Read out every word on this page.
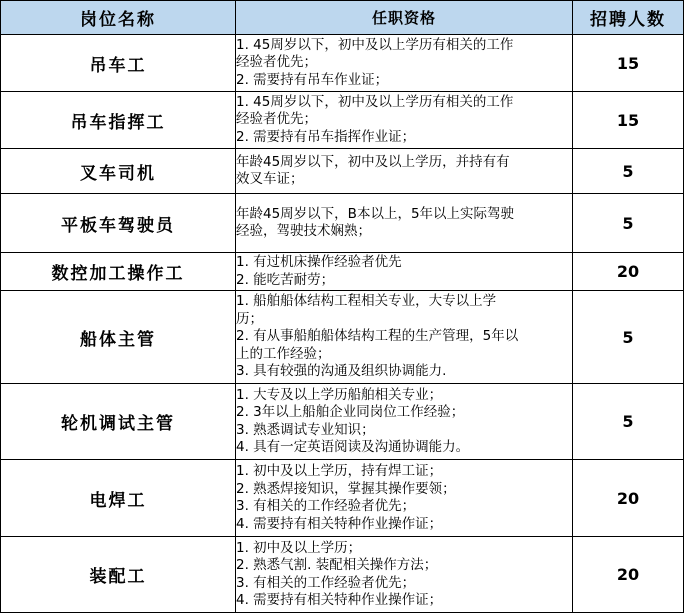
岗位名称	任职资格	招聘人数
吊车工	1. 45周岁以下，初中及以上学历有相关的工作
经验者优先；
2. 需要持有吊车作业证；	15
吊车指挥工	1. 45周岁以下，初中及以上学历有相关的工作
经验者优先；
2. 需要持有吊车指挥作业证；	15
叉车司机	年龄45周岁以下，初中及以上学历，并持有有
效叉车证；	5
平板车驾驶员	年龄45周岁以下，B本以上，5年以上实际驾驶
经验，驾驶技术娴熟；	5
数控加工操作工	1. 有过机床操作经验者优先
2. 能吃苦耐劳；	20
船体主管	1. 船舶船体结构工程相关专业，大专以上学
历；
2. 有从事船舶船体结构工程的生产管理，5年以
上的工作经验；
3. 具有较强的沟通及组织协调能力.	5
轮机调试主管	1. 大专及以上学历船舶相关专业；
2. 3年以上船舶企业同岗位工作经验；
3. 熟悉调试专业知识；
4. 具有一定英语阅读及沟通协调能力。	5
电焊工	1. 初中及以上学历，持有焊工证；
2. 熟悉焊接知识，掌握其操作要领；
3. 有相关的工作经验者优先；
4. 需要持有相关特种作业操作证；	20
装配工	1. 初中及以上学历；
2. 熟悉气割. 装配相关操作方法；
3. 有相关的工作经验者优先；
4. 需要持有相关特种作业操作证；	20
